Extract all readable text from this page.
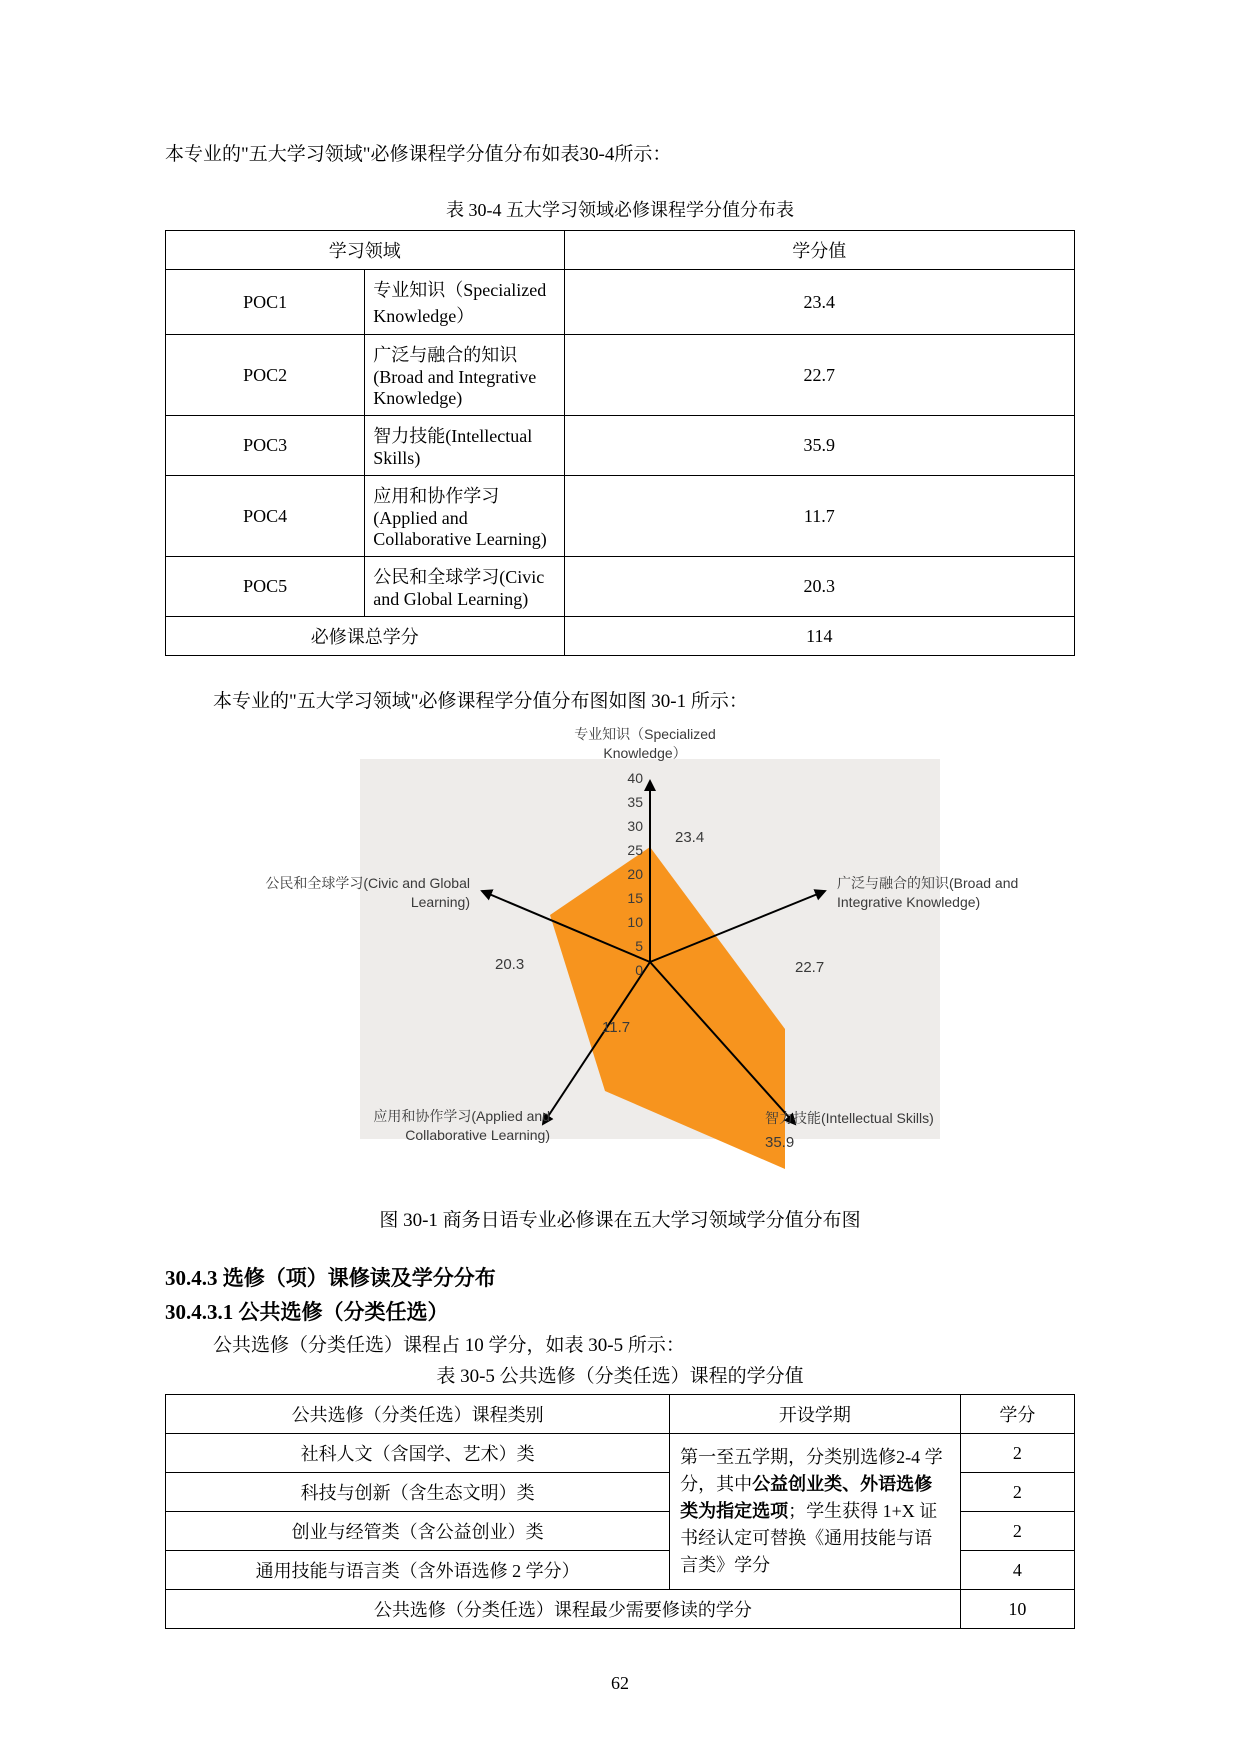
本专业的"五大学习领域"必修课程学分值分布如表30-4所示：

表 30-4 五大学习领域必修课程学分值分布表

学习领域		学分值
POC1	专业知识（Specialized Knowledge）	23.4
POC2	广泛与融合的知识(Broad and Integrative Knowledge)	22.7
POC3	智力技能(Intellectual Skills)	35.9
POC4	应用和协作学习(Applied and Collaborative Learning)	11.7
POC5	公民和全球学习(Civic and Global Learning)	20.3
必修课总学分		114

本专业的"五大学习领域"必修课程学分值分布图如图 30-1 所示：

40
35
30
25
20
15
10
5
0
专业知识（Specialized Knowledge）
广泛与融合的知识(Broad and Integrative Knowledge)
智力技能(Intellectual Skills)
应用和协作学习(Applied and Collaborative Learning)
公民和全球学习(Civic and Global Learning)
23.4
22.7
35.9
11.7
20.3

图 30-1 商务日语专业必修课在五大学习领域学分值分布图

30.4.3 选修（项）课修读及学分分布
30.4.3.1 公共选修（分类任选）

公共选修（分类任选）课程占 10 学分，如表 30-5 所示：

表 30-5 公共选修（分类任选）课程的学分值

公共选修（分类任选）课程类别	开设学期	学分
社科人文（含国学、艺术）类	第一至五学期，分类别选修2-4 学分，其中公益创业类、外语选修类为指定选项；学生获得 1+X 证书经认定可替换《通用技能与语言类》学分	2
科技与创新（含生态文明）类		2
创业与经管类（含公益创业）类		2
通用技能与语言类（含外语选修 2 学分）		4
公共选修（分类任选）课程最少需要修读的学分		10
62
